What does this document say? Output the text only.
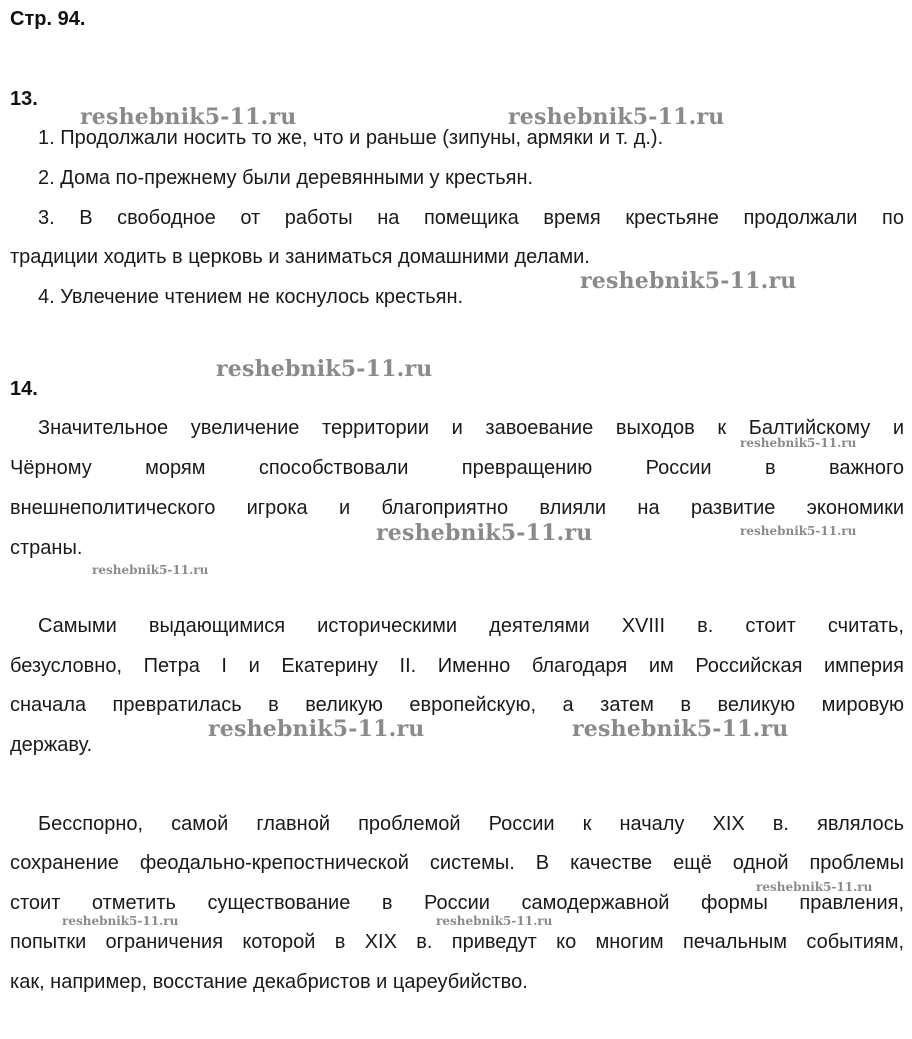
Стр. 94.
13.
1. Продолжали носить то же, что и раньше (зипуны, армяки и т. д.).
2. Дома по-прежнему были деревянными у крестьян.
3. В свободное от работы на помещика время крестьяне продолжали по
традиции ходить в церковь и заниматься домашними делами.
4. Увлечение чтением не коснулось крестьян.
14.
Значительное увеличение территории и завоевание выходов к Балтийскому и
Чёрному морям способствовали превращению России в важного
внешнеполитического игрока и благоприятно влияли на развитие экономики
страны.
Самыми выдающимися историческими деятелями XVIII в. стоит считать,
безусловно, Петра I и Екатерину II. Именно благодаря им Российская империя
сначала превратилась в великую европейскую, а затем в великую мировую
державу.
Бесспорно, самой главной проблемой России к началу XIX в. являлось
сохранение феодально-крепостнической системы. В качестве ещё одной проблемы
стоит отметить существование в России самодержавной формы правления,
попытки ограничения которой в XIX в. приведут ко многим печальным событиям,
как, например, восстание декабристов и цареубийство.
reshebnik5-11.ru	reshebnik5-11.ru
reshebnik5-11.ru
reshebnik5-11.ru
reshebnik5-11.ru
reshebnik5-11.ru
reshebnik5-11.ru
reshebnik5-11.ru
reshebnik5-11.ru	reshebnik5-11.ru
reshebnik5-11.ru
reshebnik5-11.ru	reshebnik5-11.ru
